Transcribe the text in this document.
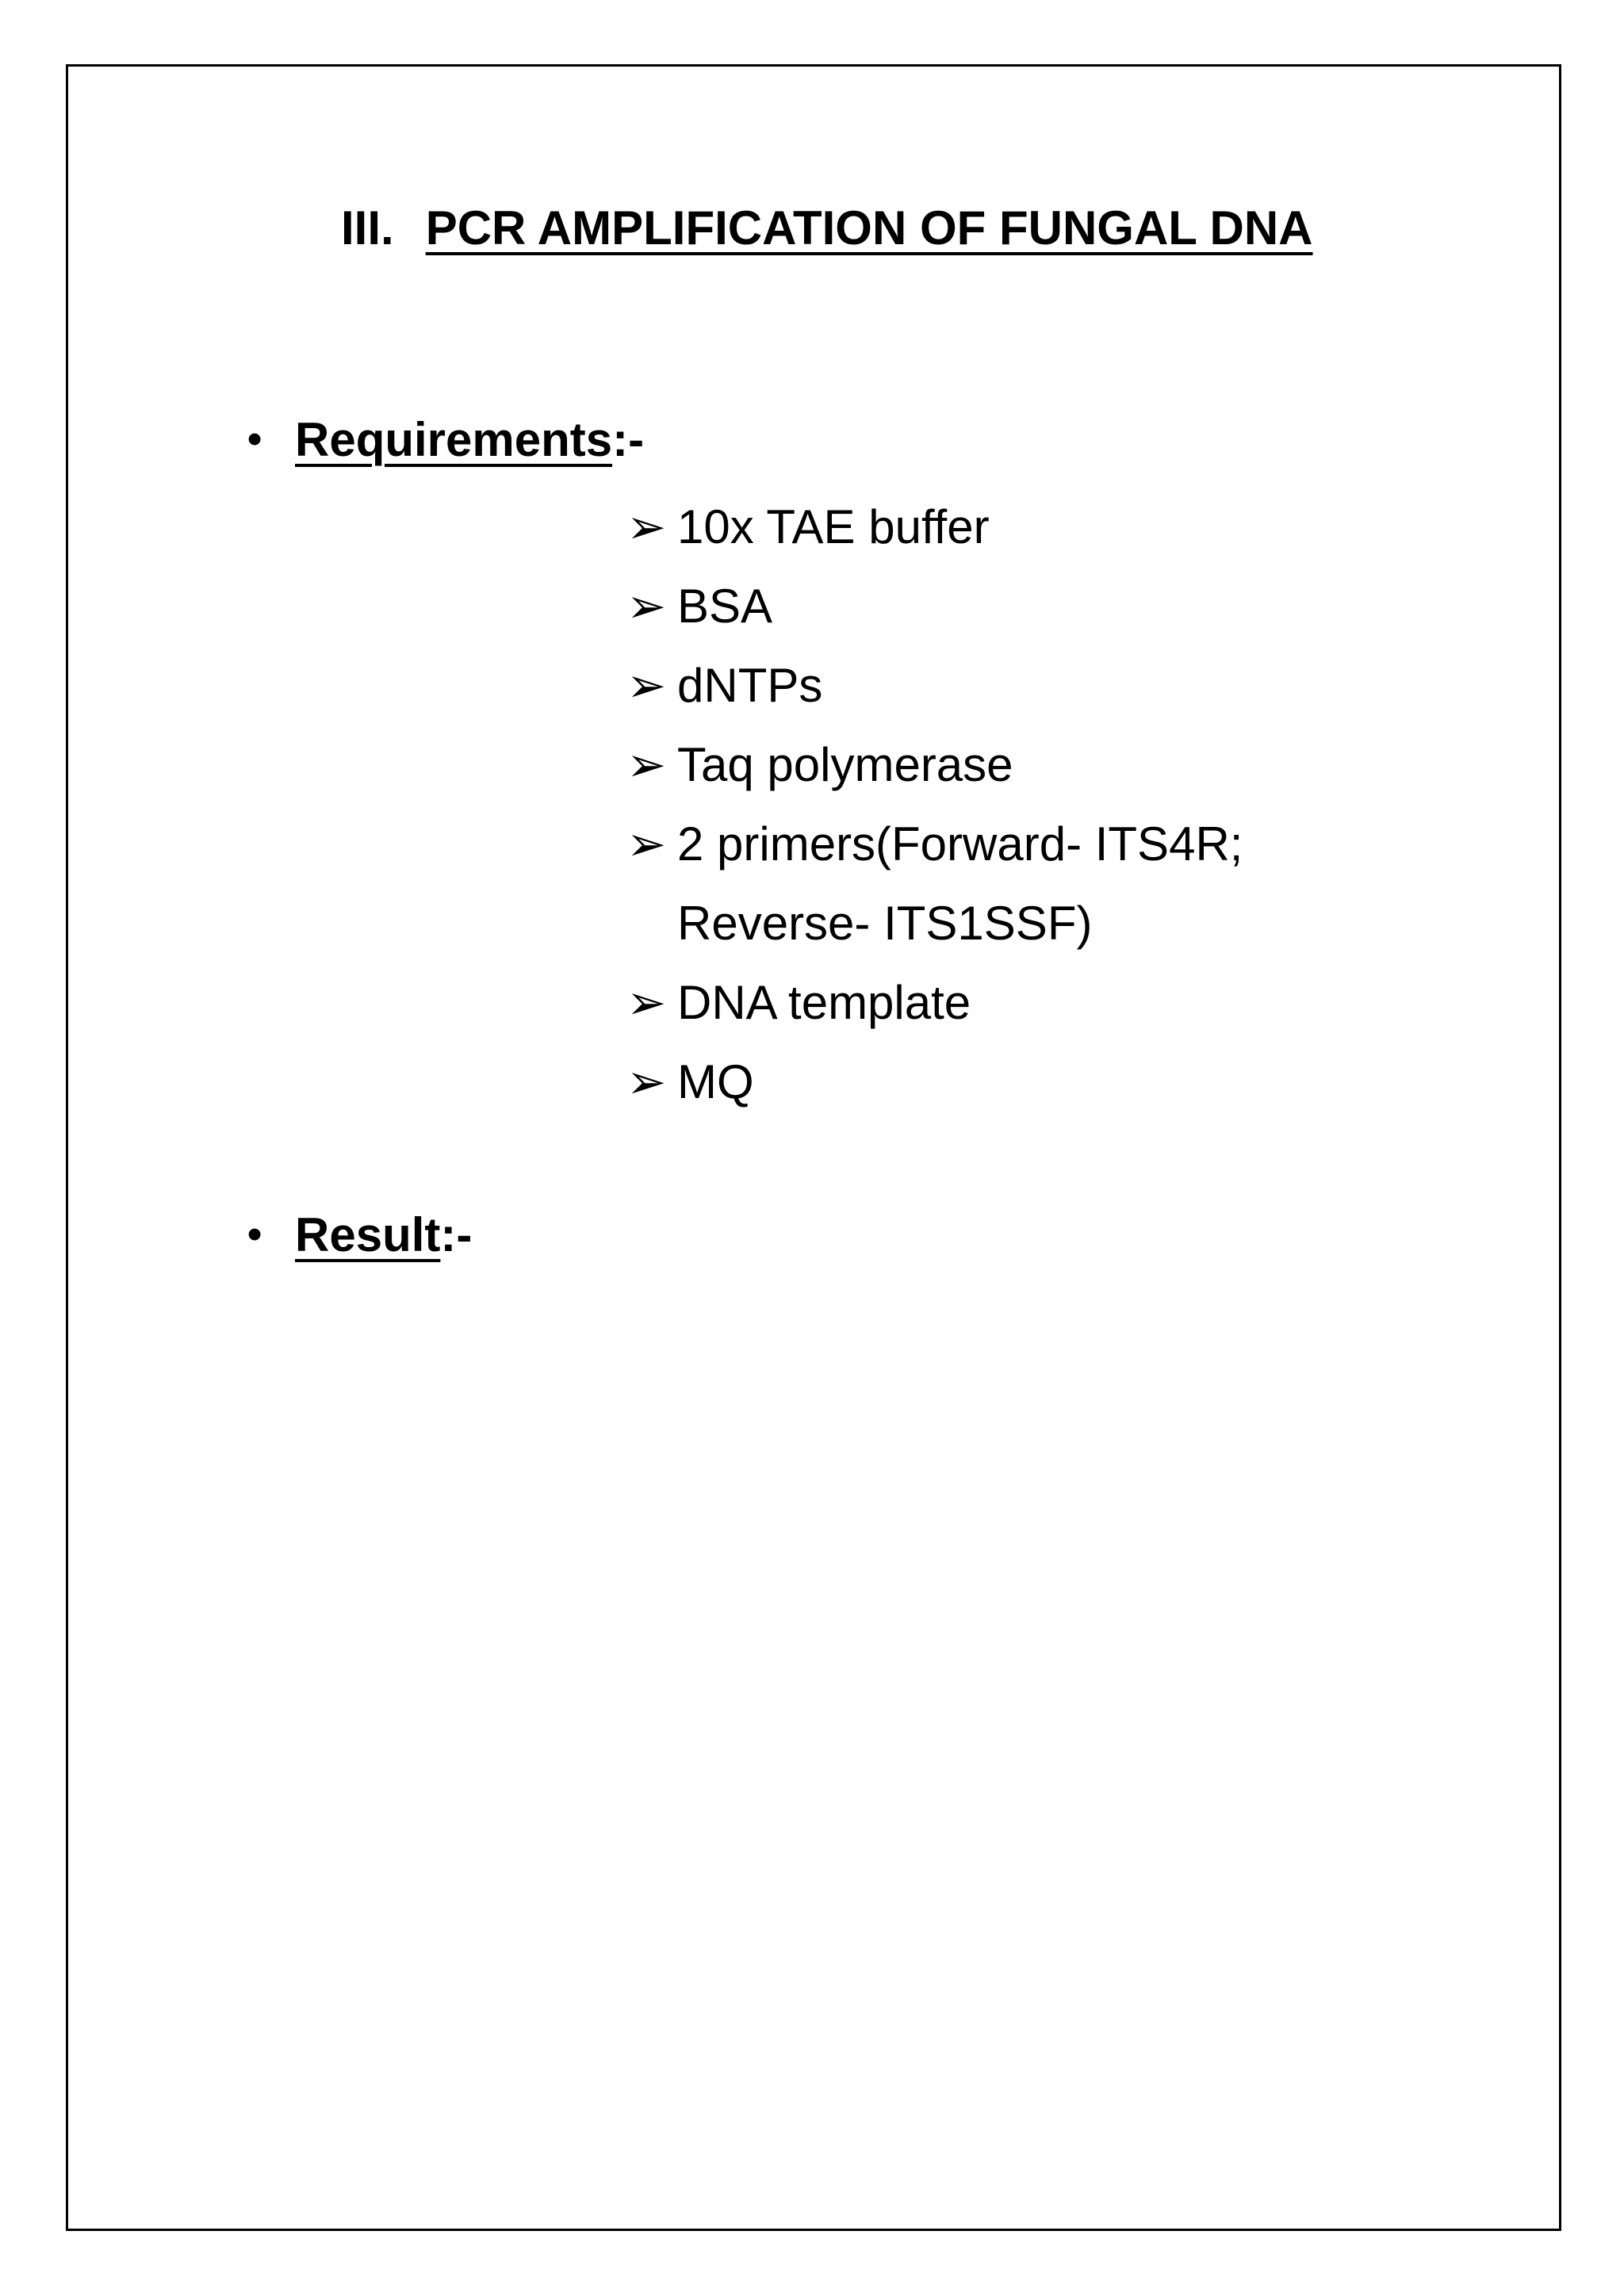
III. PCR AMPLIFICATION OF FUNGAL DNA
• Requirements:-
➢ 10x TAE buffer
➢ BSA
➢ dNTPs
➢ Taq polymerase
➢ 2 primers(Forward- ITS4R;
Reverse- ITS1SSF)
➢ DNA template
➢ MQ
• Result:-
